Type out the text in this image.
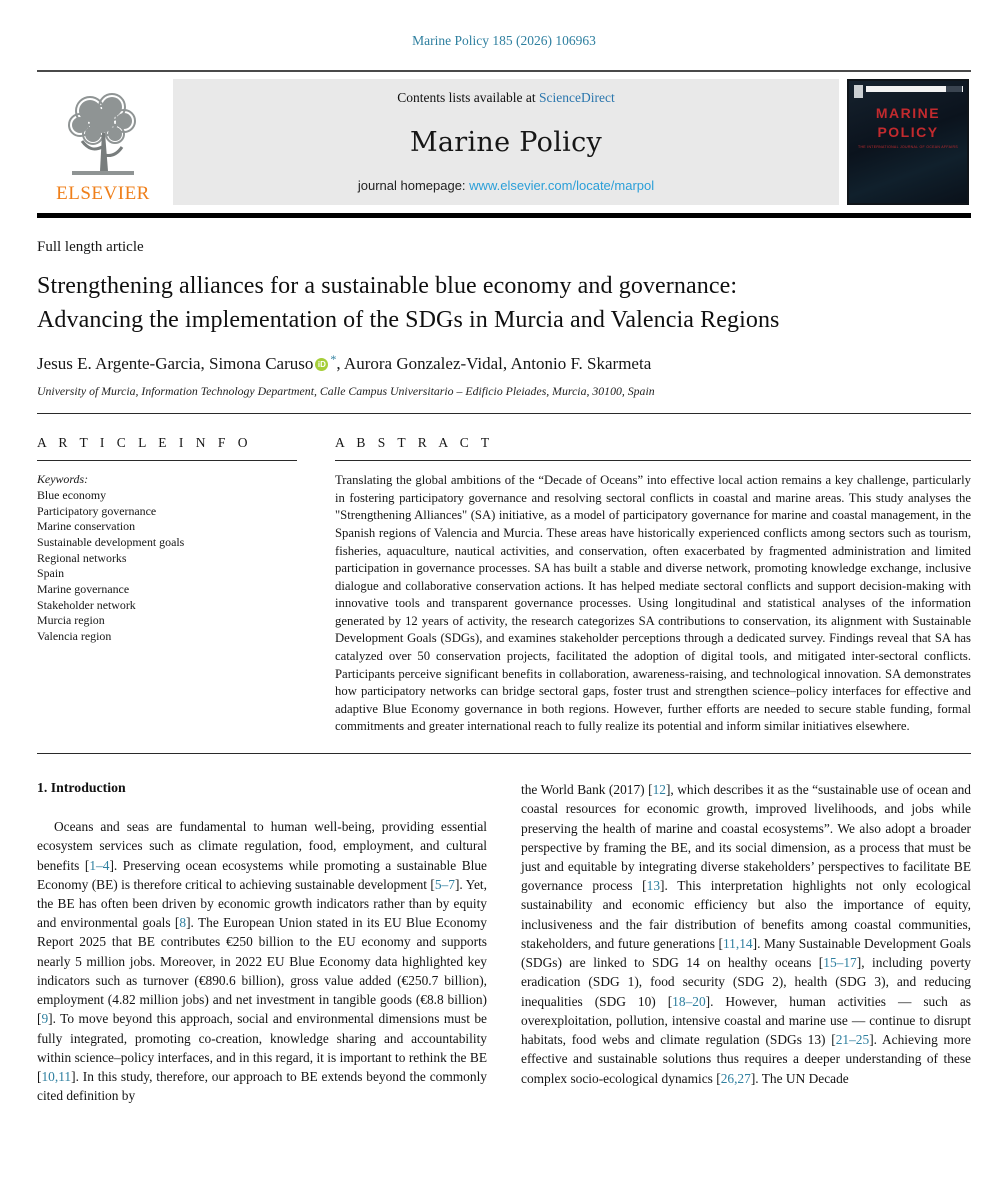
Marine Policy 185 (2026) 106963
ELSEVIER
Contents lists available at ScienceDirect
Marine Policy
journal homepage: www.elsevier.com/locate/marpol
MARINE
POLICY
THE INTERNATIONAL JOURNAL OF OCEAN AFFAIRS
Full length article
Strengthening alliances for a sustainable blue economy and governance:
Advancing the implementation of the SDGs in Murcia and Valencia Regions
Jesus E. Argente-Garcia, Simona Caruso iD *, Aurora Gonzalez-Vidal, Antonio F. Skarmeta
University of Murcia, Information Technology Department, Calle Campus Universitario – Edificio Pleiades, Murcia, 30100, Spain
A R T I C L E I N F O
Keywords:
Blue economy
Participatory governance
Marine conservation
Sustainable development goals
Regional networks
Spain
Marine governance
Stakeholder network
Murcia region
Valencia region
A B S T R A C T
Translating the global ambitions of the “Decade of Oceans” into effective local action remains a key challenge, particularly in fostering participatory governance and resolving sectoral conflicts in coastal and marine areas. This study analyses the "Strengthening Alliances" (SA) initiative, as a model of participatory governance for marine and coastal management, in the Spanish regions of Valencia and Murcia. These areas have historically experienced conflicts among sectors such as tourism, fisheries, aquaculture, nautical activities, and conservation, often exacerbated by fragmented administration and limited participation in governance processes. SA has built a stable and diverse network, promoting knowledge exchange, inclusive dialogue and collaborative conservation actions. It has helped mediate sectoral conflicts and support decision-making with innovative tools and transparent governance processes. Using longitudinal and statistical analyses of the information generated by 12 years of activity, the research categorizes SA contributions to conservation, its alignment with Sustainable Development Goals (SDGs), and examines stakeholder perceptions through a dedicated survey. Findings reveal that SA has catalyzed over 50 conservation projects, facilitated the adoption of digital tools, and mitigated inter-sectoral conflicts. Participants perceive significant benefits in collaboration, awareness-raising, and technological innovation. SA demonstrates how participatory networks can bridge sectoral gaps, foster trust and strengthen science–policy interfaces for effective and adaptive Blue Economy governance in both regions. However, further efforts are needed to secure stable funding, formal commitments and greater international reach to fully realize its potential and inform similar initiatives elsewhere.
1. Introduction

Oceans and seas are fundamental to human well-being, providing essential ecosystem services such as climate regulation, food, employment, and cultural benefits [1–4]. Preserving ocean ecosystems while promoting a sustainable Blue Economy (BE) is therefore critical to achieving sustainable development [5–7]. Yet, the BE has often been driven by economic growth indicators rather than by equity and environmental goals [8]. The European Union stated in its EU Blue Economy Report 2025 that BE contributes €250 billion to the EU economy and supports nearly 5 million jobs. Moreover, in 2022 EU Blue Economy data highlighted key indicators such as turnover (€890.6 billion), gross value added (€250.7 billion), employment (4.82 million jobs) and net investment in tangible goods (€8.8 billion) [9]. To move beyond this approach, social and environmental dimensions must be fully integrated, promoting co-creation, knowledge sharing and accountability within science–policy interfaces, and in this regard, it is important to rethink the BE [10,11]. In this study, therefore, our approach to BE extends beyond the commonly cited definition by

the World Bank (2017) [12], which describes it as the “sustainable use of ocean and coastal resources for economic growth, improved livelihoods, and jobs while preserving the health of marine and coastal ecosystems”. We also adopt a broader perspective by framing the BE, and its social dimension, as a process that must be just and equitable by integrating diverse stakeholders’ perspectives to facilitate BE governance process [13]. This interpretation highlights not only ecological sustainability and economic efficiency but also the importance of equity, inclusiveness and the fair distribution of benefits among coastal communities, stakeholders, and future generations [11,14]. Many Sustainable Development Goals (SDGs) are linked to SDG 14 on healthy oceans [15–17], including poverty eradication (SDG 1), food security (SDG 2), health (SDG 3), and reducing inequalities (SDG 10) [18–20]. However, human activities — such as overexploitation, pollution, intensive coastal and marine use — continue to disrupt habitats, food webs and climate regulation (SDGs 13) [21–25]. Achieving more effective and sustainable solutions thus requires a deeper understanding of these complex socio-ecological dynamics [26,27]. The UN Decade
